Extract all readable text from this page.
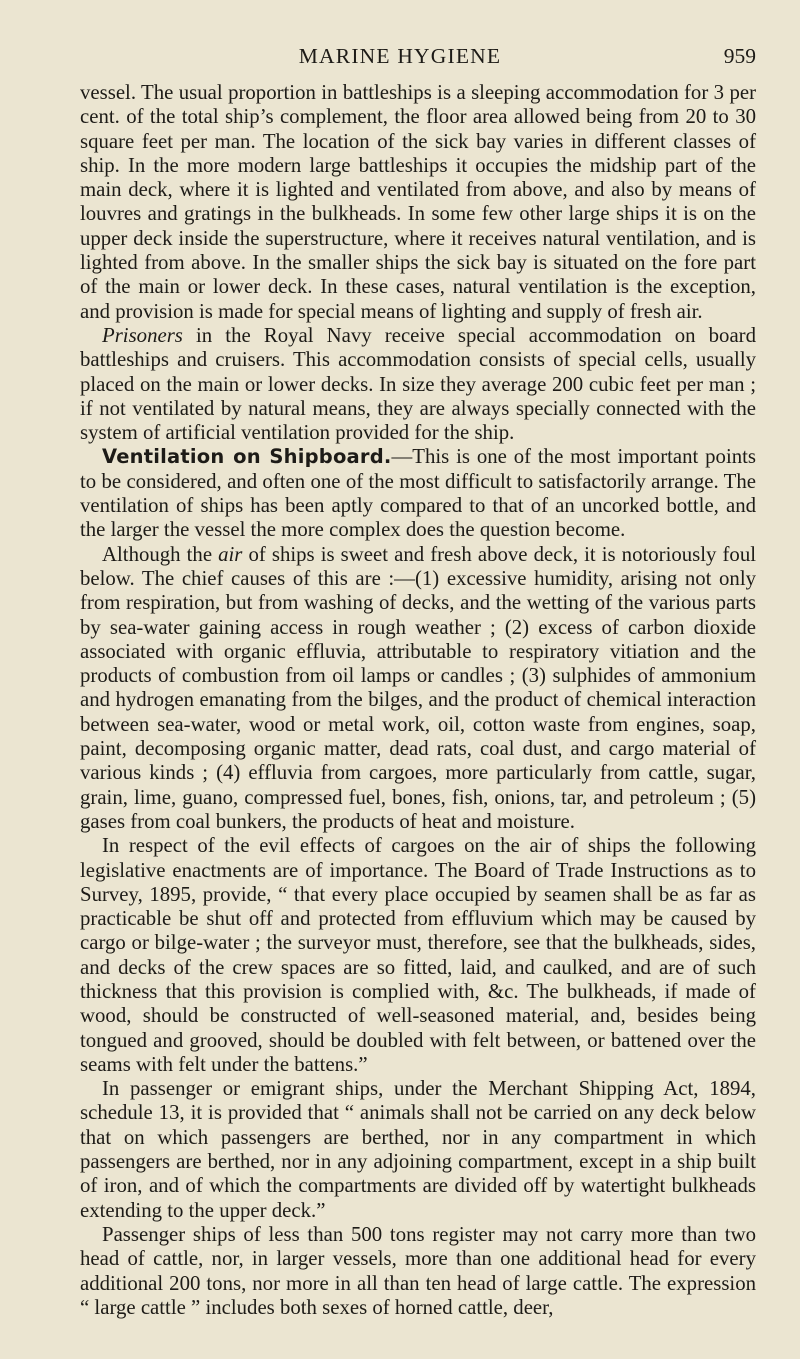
MARINE HYGIENE	959

vessel. The usual proportion in battleships is a sleeping accommodation for 3 per cent. of the total ship’s complement, the floor area allowed being from 20 to 30 square feet per man. The location of the sick bay varies in different classes of ship. In the more modern large battleships it occupies the midship part of the main deck, where it is lighted and ventilated from above, and also by means of louvres and gratings in the bulkheads. In some few other large ships it is on the upper deck inside the superstructure, where it receives natural ventilation, and is lighted from above. In the smaller ships the sick bay is situated on the fore part of the main or lower deck. In these cases, natural ventilation is the exception, and provision is made for special means of lighting and supply of fresh air.

Prisoners in the Royal Navy receive special accommodation on board battleships and cruisers. This accommodation consists of special cells, usually placed on the main or lower decks. In size they average 200 cubic feet per man ; if not ventilated by natural means, they are always specially connected with the system of artificial ventilation provided for the ship.

Ventilation on Shipboard.—This is one of the most important points to be considered, and often one of the most difficult to satisfactorily arrange. The ventilation of ships has been aptly compared to that of an uncorked bottle, and the larger the vessel the more complex does the question become.

Although the air of ships is sweet and fresh above deck, it is notoriously foul below. The chief causes of this are :—(1) excessive humidity, arising not only from respiration, but from washing of decks, and the wetting of the various parts by sea-water gaining access in rough weather ; (2) excess of carbon dioxide associated with organic effluvia, attributable to respiratory vitiation and the products of combustion from oil lamps or candles ; (3) sulphides of ammonium and hydrogen emanating from the bilges, and the product of chemical interaction between sea-water, wood or metal work, oil, cotton waste from engines, soap, paint, decomposing organic matter, dead rats, coal dust, and cargo material of various kinds ; (4) effluvia from cargoes, more particularly from cattle, sugar, grain, lime, guano, compressed fuel, bones, fish, onions, tar, and petroleum ; (5) gases from coal bunkers, the products of heat and moisture.

In respect of the evil effects of cargoes on the air of ships the following legislative enactments are of importance. The Board of Trade Instructions as to Survey, 1895, provide, “ that every place occupied by seamen shall be as far as practicable be shut off and protected from effluvium which may be caused by cargo or bilge-water ; the surveyor must, therefore, see that the bulkheads, sides, and decks of the crew spaces are so fitted, laid, and caulked, and are of such thickness that this provision is complied with, &c. The bulkheads, if made of wood, should be constructed of well-seasoned material, and, besides being tongued and grooved, should be doubled with felt between, or battened over the seams with felt under the battens.”

In passenger or emigrant ships, under the Merchant Shipping Act, 1894, schedule 13, it is provided that “ animals shall not be carried on any deck below that on which passengers are berthed, nor in any compartment in which passengers are berthed, nor in any adjoining compartment, except in a ship built of iron, and of which the compartments are divided off by watertight bulkheads extending to the upper deck.”

Passenger ships of less than 500 tons register may not carry more than two head of cattle, nor, in larger vessels, more than one additional head for every additional 200 tons, nor more in all than ten head of large cattle. The expression “ large cattle ” includes both sexes of horned cattle, deer,
